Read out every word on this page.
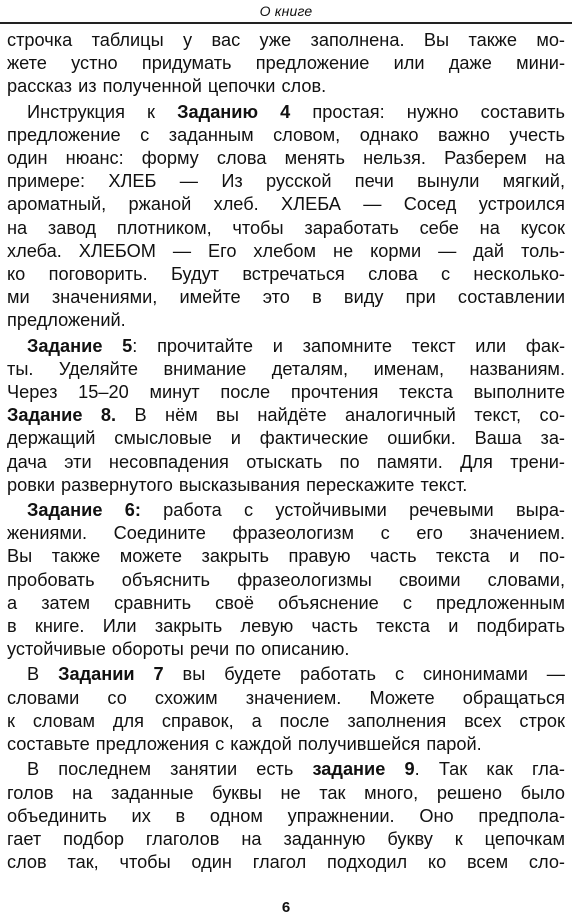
О книге

строчка таблицы у вас уже заполнена. Вы также мо-

жете устно придумать предложение или даже мини-

рассказ из полученной цепочки слов.

Инструкция к Заданию 4 простая: нужно составить

предложение с заданным словом, однако важно учесть

один нюанс: форму слова менять нельзя. Разберем на

примере: ХЛЕБ — Из русской печи вынули мягкий,

ароматный, ржаной хлеб. ХЛЕБА — Сосед устроился

на завод плотником, чтобы заработать себе на кусок

хлеба. ХЛЕБОМ — Его хлебом не корми — дай толь-

ко поговорить. Будут встречаться слова с несколько-

ми значениями, имейте это в виду при составлении

предложений.

Задание 5: прочитайте и запомните текст или фак-

ты. Уделяйте внимание деталям, именам, названиям.

Через 15–20 минут после прочтения текста выполните

Задание 8. В нём вы найдёте аналогичный текст, со-

держащий смысловые и фактические ошибки. Ваша за-

дача эти несовпадения отыскать по памяти. Для трени-

ровки развернутого высказывания перескажите текст.

Задание 6: работа с устойчивыми речевыми выра-

жениями. Соедините фразеологизм с его значением.

Вы также можете закрыть правую часть текста и по-

пробовать объяснить фразеологизмы своими словами,

а затем сравнить своё объяснение с предложенным

в книге. Или закрыть левую часть текста и подбирать

устойчивые обороты речи по описанию.

В Задании 7 вы будете работать с синонимами —

словами со схожим значением. Можете обращаться

к словам для справок, а после заполнения всех строк

составьте предложения с каждой получившейся парой.

В последнем занятии есть задание 9. Так как гла-

голов на заданные буквы не так много, решено было

объединить их в одном упражнении. Оно предпола-

гает подбор глаголов на заданную букву к цепочкам

слов так, чтобы один глагол подходил ко всем сло-

6
